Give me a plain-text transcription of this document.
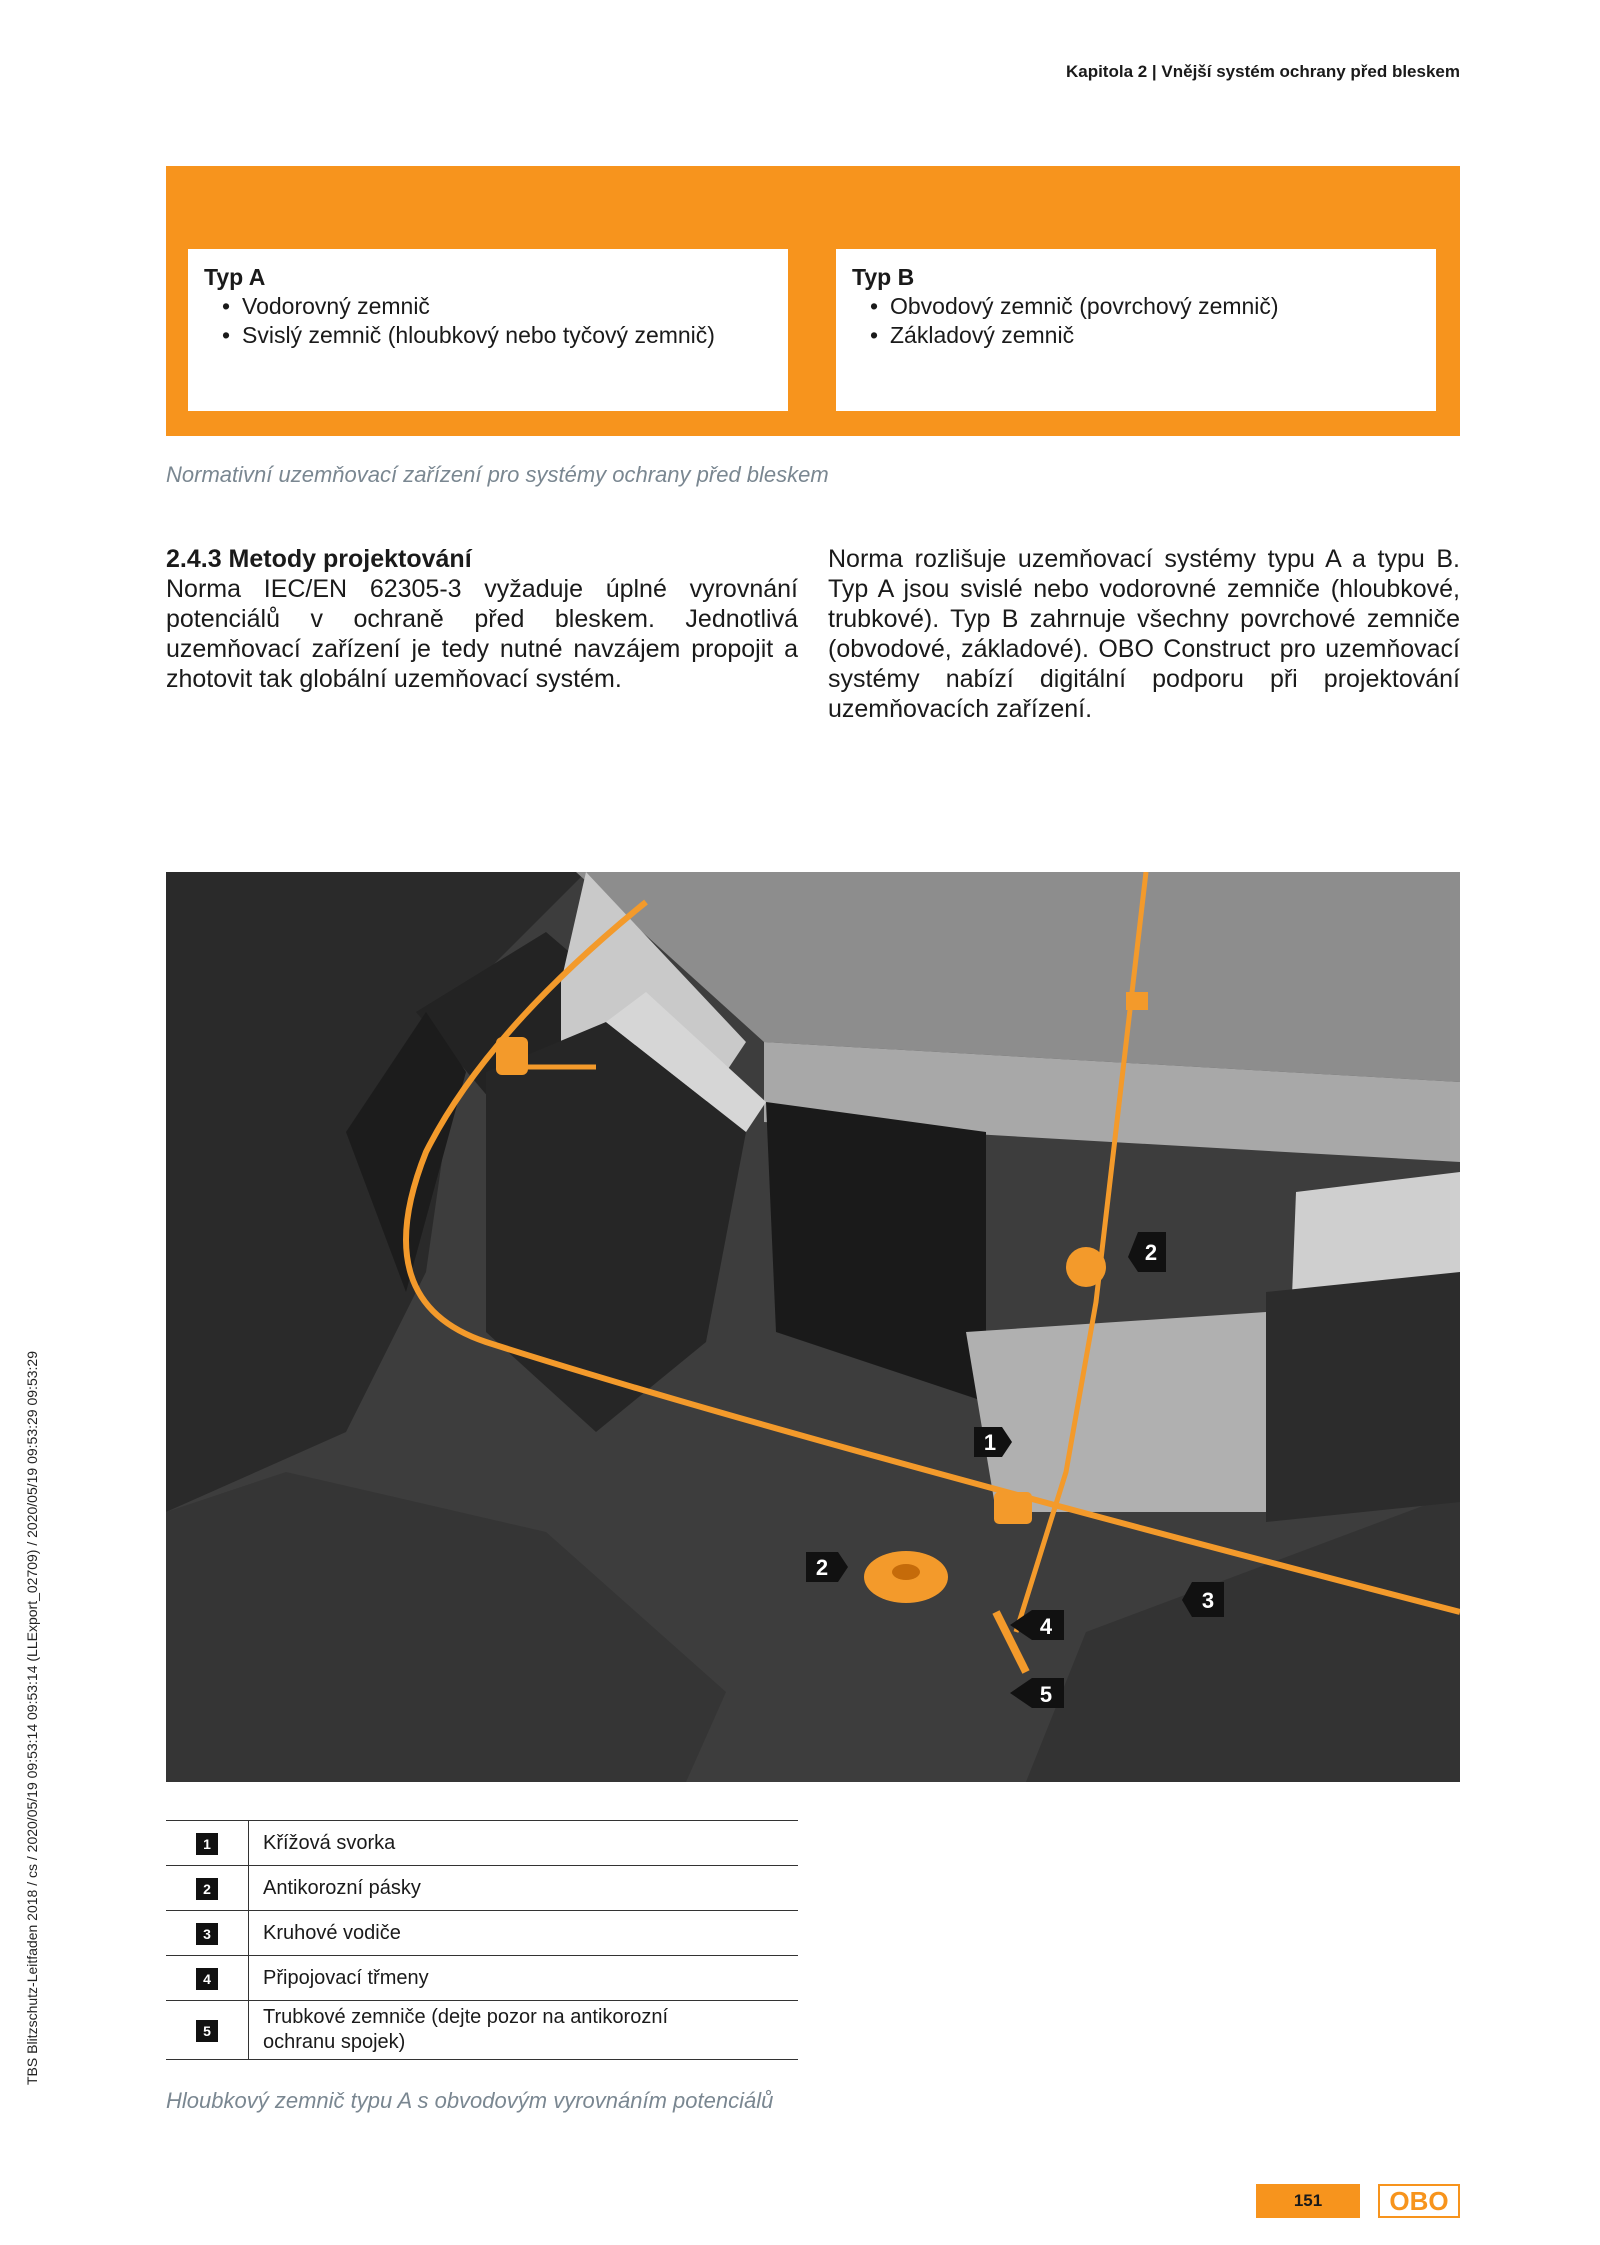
Kapitola 2 | Vnější systém ochrany před bleskem
Typ A
• Vodorovný zemnič
• Svislý zemnič (hloubkový nebo tyčový zemnič)
Typ B
• Obvodový zemnič (povrchový zemnič)
• Základový zemnič
Normativní uzemňovací zařízení pro systémy ochrany před bleskem
2.4.3 Metody projektování

Norma IEC/EN 62305-3 vyžaduje úplné vyrovnání potenciálů v ochraně před bleskem. Jednotlivá uzemňovací zařízení je tedy nutné navzájem propojit a zhotovit tak globální uzemňovací systém.

Norma rozlišuje uzemňovací systémy typu A a typu B. Typ A jsou svislé nebo vodorovné zemniče (hloubkové, trubkové). Typ B zahrnuje všechny povrchové zemniče (obvodové, základové). OBO Construct pro uzemňovací systémy nabízí digitální podporu při projektování uzemňovacích zařízení.

1
2
2
3
4
5
1	Křížová svorka
2	Antikorozní pásky
3	Kruhové vodiče
4	Připojovací třmeny
5	Trubkové zemniče (dejte pozor na antikorozní ochranu spojek)
Hloubkový zemnič typu A s obvodovým vyrovnáním potenciálů
TBS Blitzschutz-Leitfaden 2018 / cs / 2020/05/19 09:53:14 09:53:14 (LLExport_02709) / 2020/05/19 09:53:29 09:53:29
151	OBO
